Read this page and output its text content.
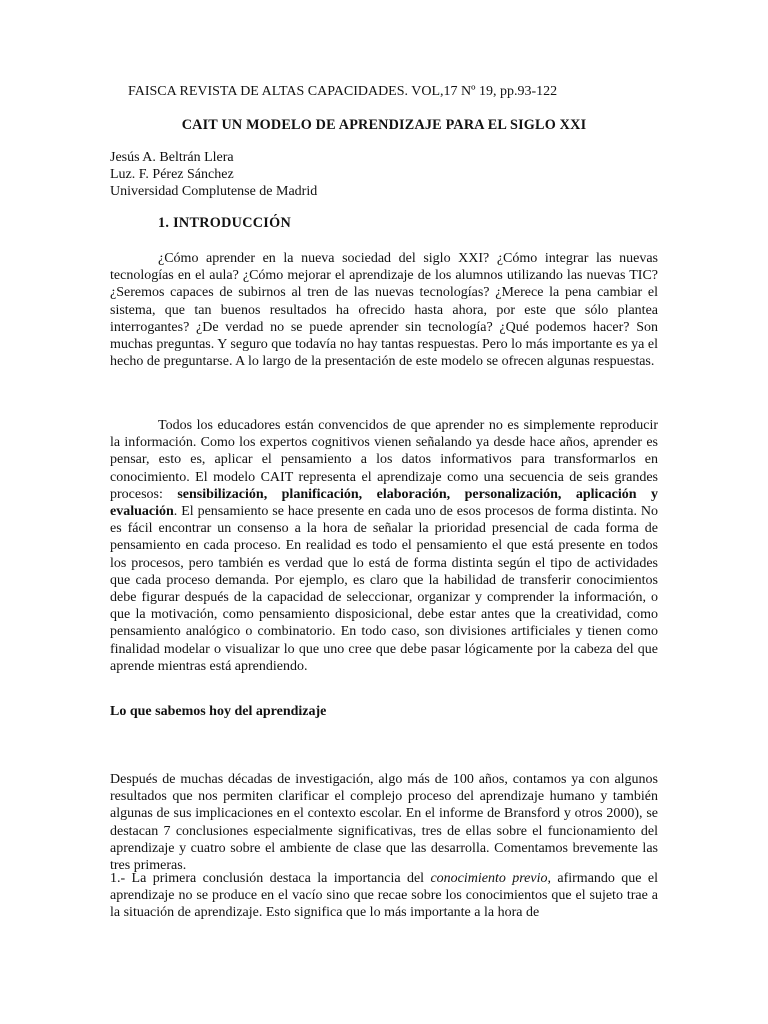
FAISCA REVISTA DE ALTAS CAPACIDADES. VOL,17 Nº 19, pp.93-122
CAIT UN MODELO DE APRENDIZAJE PARA EL SIGLO XXI
Jesús A. Beltrán Llera
Luz. F. Pérez Sánchez
Universidad Complutense de Madrid
1. INTRODUCCIÓN

¿Cómo aprender en la nueva sociedad del siglo XXI? ¿Cómo integrar las nuevas tecnologías en el aula? ¿Cómo mejorar el aprendizaje de los alumnos utilizando las nuevas TIC? ¿Seremos capaces de subirnos al tren de las nuevas tecnologías? ¿Merece la pena cambiar el sistema, que tan buenos resultados ha ofrecido hasta ahora, por este que sólo plantea interrogantes? ¿De verdad no se puede aprender sin tecnología? ¿Qué podemos hacer? Son muchas preguntas. Y seguro que todavía no hay tantas respuestas. Pero lo más importante es ya el hecho de preguntarse. A lo largo de la presentación de este modelo se ofrecen algunas respuestas.

Todos los educadores están convencidos de que aprender no es simplemente reproducir la información. Como los expertos cognitivos vienen señalando ya desde hace años, aprender es pensar, esto es, aplicar el pensamiento a los datos informativos para transformarlos en conocimiento. El modelo CAIT representa el aprendizaje como una secuencia de seis grandes procesos: sensibilización, planificación, elaboración, personalización, aplicación y evaluación. El pensamiento se hace presente en cada uno de esos procesos de forma distinta. No es fácil encontrar un consenso a la hora de señalar la prioridad presencial de cada forma de pensamiento en cada proceso. En realidad es todo el pensamiento el que está presente en todos los procesos, pero también es verdad que lo está de forma distinta según el tipo de actividades que cada proceso demanda. Por ejemplo, es claro que la habilidad de transferir conocimientos debe figurar después de la capacidad de seleccionar, organizar y comprender la información, o que la motivación, como pensamiento disposicional, debe estar antes que la creatividad, como pensamiento analógico o combinatorio. En todo caso, son divisiones artificiales y tienen como finalidad modelar o visualizar lo que uno cree que debe pasar lógicamente por la cabeza del que aprende mientras está aprendiendo.

Lo que sabemos hoy del aprendizaje

Después de muchas décadas de investigación, algo más de 100 años, contamos ya con algunos resultados que nos permiten clarificar el complejo proceso del aprendizaje humano y también algunas de sus implicaciones en el contexto escolar. En el informe de Bransford y otros 2000), se destacan 7 conclusiones especialmente significativas, tres de ellas sobre el funcionamiento del aprendizaje y cuatro sobre el ambiente de clase que las desarrolla. Comentamos brevemente las tres primeras.

1.- La primera conclusión destaca la importancia del conocimiento previo, afirmando que el aprendizaje no se produce en el vacío sino que recae sobre los conocimientos que el sujeto trae a la situación de aprendizaje. Esto significa que lo más importante a la hora de
